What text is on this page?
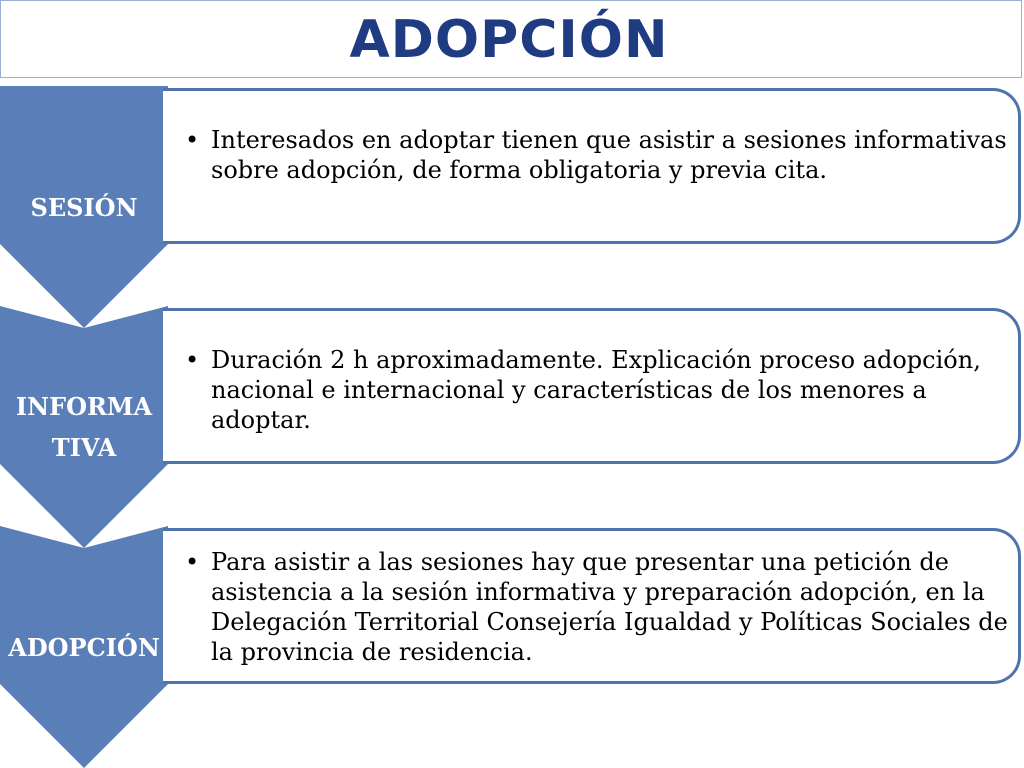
ADOPCIÓN
SESIÓN
INFORMA
TIVA
ADOPCIÓN
• Interesados en adoptar tienen que asistir a sesiones informativas sobre adopción, de forma obligatoria y previa cita.
• Duración 2 h aproximadamente. Explicación proceso adopción, nacional e internacional y características de los menores a adoptar.
• Para asistir a las sesiones hay que presentar una petición de asistencia a la sesión informativa y preparación adopción, en la Delegación Territorial Consejería Igualdad y Políticas Sociales de la provincia de residencia.
